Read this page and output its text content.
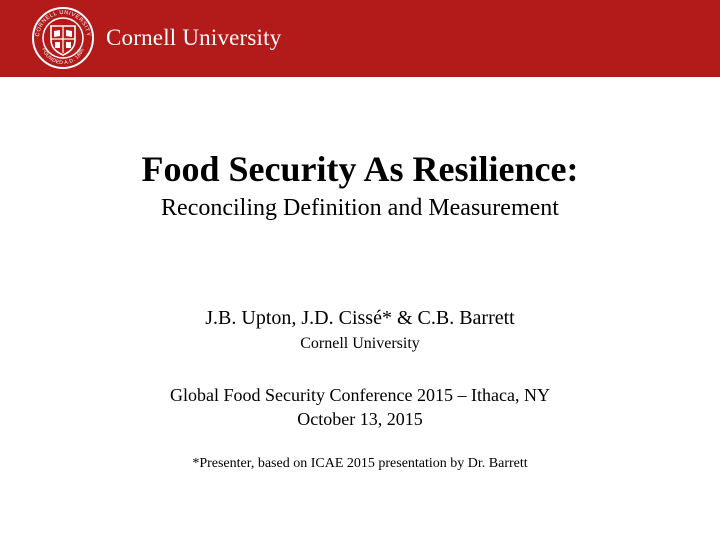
CORNELL UNIVERSITY
FOUNDED A.D. 1865 Cornell University
Food Security As Resilience:
Reconciling Definition and Measurement
J.B. Upton, J.D. Cissé* & C.B. Barrett
Cornell University
Global Food Security Conference 2015 – Ithaca, NY
October 13, 2015
*Presenter, based on ICAE 2015 presentation by Dr. Barrett
